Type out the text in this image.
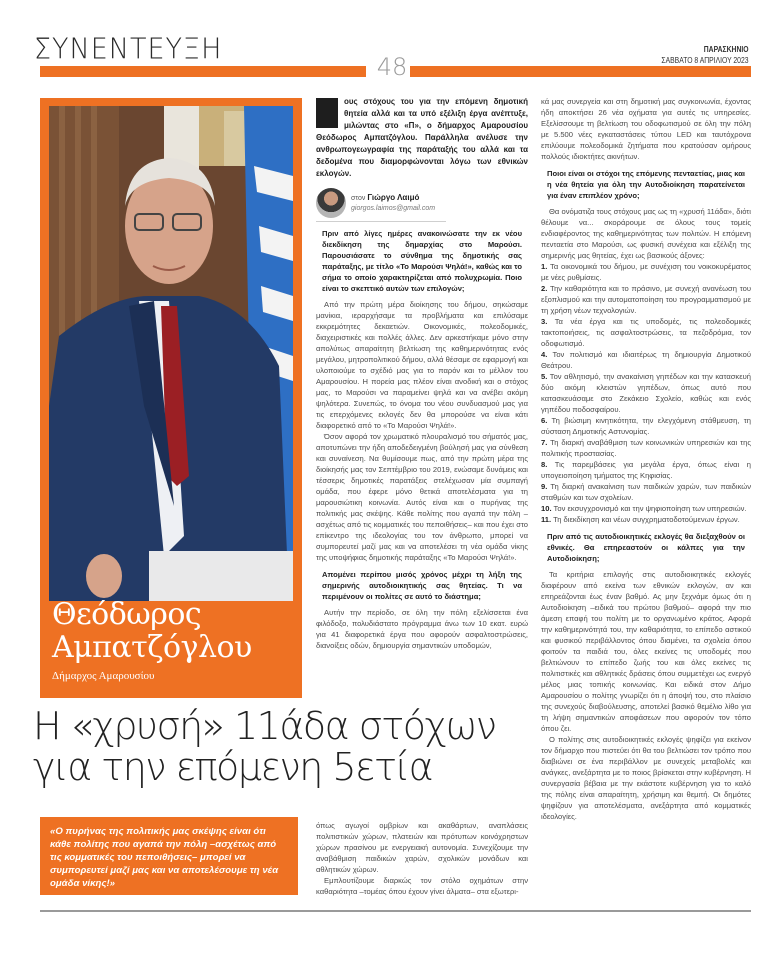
ΣΥΝΕΝΤΕΥΞΗ	ΠΑΡΑΣΚΗΝΙΟ
ΣΑΒΒΑΤΟ 8 ΑΠΡΙΛΙΟΥ 2023
48
Θεόδωρος
Αμπατζόγλου
Δήμαρχος Αμαρουσίου
Η «χρυσή» 11άδα στόχων
για την επόμενη 5ετία

«Ο πυρήνας της πολιτικής μας σκέψης είναι ότι κάθε πολίτης που αγαπά την πόλη –ασχέτως από τις κομματικές του πεποιθήσεις– μπορεί να συμπορευτεί μαζί μας και να αποτελέσουμε τη νέα ομάδα νίκης!»

ους στόχους του για την επόμενη δημοτική θητεία αλλά και τα υπό εξέλιξη έργα ανέπτυξε, μιλώντας στο «Π», ο δήμαρχος Αμαρουσίου Θεόδωρος Αμπατζόγλου. Παράλληλα ανέλυσε την ανθρωπογεωγραφία της παράταξής του αλλά και τα δεδομένα που διαμορφώνονται λόγω των εθνικών εκλογών.
στον Γιώργο Λαιμό
giorgos.laimos@gmail.com

Πριν από λίγες ημέρες ανακοινώσατε την εκ νέου διεκδίκηση της δημαρχίας στο Μαρούσι. Παρουσιάσατε το σύνθημα της δημοτικής σας παράταξης, με τίτλο «Το Μαρούσι Ψηλά!», καθώς και το σήμα το οποίο χαρακτηρίζεται από πολυχρωμία. Ποιο είναι το σκεπτικό αυτών των επιλογών;

Από την πρώτη μέρα διοίκησης του δήμου, σηκώσαμε μανίκια, ιεραρχήσαμε τα προβλήματα και επιλύσαμε εκκρεμότητες δεκαετιών. Οικονομικές, πολεοδομικές, διαχειριστικές και πολλές άλλες. Δεν αρκεστήκαμε μόνο στην απολύτως απαραίτητη βελτίωση της καθημερινότητας ενός μεγάλου, μητροπολιτικού δήμου, αλλά θέσαμε σε εφαρμογή και υλοποιούμε το σχέδιό μας για το παρόν και το μέλλον του Αμαρουσίου. Η πορεία μας πλέον είναι ανοδική και ο στόχος μας, το Μαρούσι να παραμείνει ψηλά και να ανέβει ακόμη ψηλότερα. Συνεπώς, το όνομα του νέου συνδυασμού μας για τις επερχόμενες εκλογές δεν θα μπορούσε να είναι κάτι διαφορετικό από το «Το Μαρούσι Ψηλά!».

Όσον αφορά τον χρωματικό πλουραλισμό του σήματός μας, αποτυπώνει την ήδη αποδεδειγμένη βούλησή μας για σύνθεση και συναίνεση. Να θυμίσουμε πως, από την πρώτη μέρα της διοίκησής μας τον Σεπτέμβριο του 2019, ενώσαμε δυνάμεις και τέσσερις δημοτικές παρατάξεις στελέχωσαν μία συμπαγή ομάδα, που έφερε μόνο θετικά αποτελέσματα για τη μαρουσιώτικη κοινωνία. Αυτός είναι και ο πυρήνας της πολιτικής μας σκέψης. Κάθε πολίτης που αγαπά την πόλη –ασχέτως από τις κομματικές του πεποιθήσεις– και που έχει στο επίκεντρο της ιδεολογίας του τον άνθρωπο, μπορεί να συμπορευτεί μαζί μας και να αποτελέσει τη νέα ομάδα νίκης της υποψήφιας δημοτικής παράταξης «Το Μαρούσι Ψηλά!».

Απομένει περίπου μισός χρόνος μέχρι τη λήξη της σημερινής αυτοδιοικητικής σας θητείας. Τι να περιμένουν οι πολίτες σε αυτό το διάστημα;

Αυτήν την περίοδο, σε όλη την πόλη εξελίσσεται ένα φιλόδοξο, πολυδιάστατο πρόγραμμα άνω των 10 εκατ. ευρώ για 41 διαφορετικά έργα που αφορούν ασφαλτοστρώσεις, διανοίξεις οδών, δημιουργία σημαντικών υποδομών,

όπως αγωγοί ομβρίων και ακαθάρτων, αναπλάσεις πολιτιστικών χώρων, πλατειών και πρότυπων κοινόχρηστων χώρων πρασίνου με ενεργειακή αυτονομία. Συνεχίζουμε την αναβάθμιση παιδικών χαρών, σχολικών μονάδων και αθλητικών χώρων.

Εμπλουτίζουμε διαρκώς τον στόλο οχημάτων στην καθαριότητα –τομέας όπου έχουν γίνει άλματα– στα εξωτερι-

κά μας συνεργεία και στη δημοτική μας συγκοινωνία, έχοντας ήδη αποκτήσει 26 νέα οχήματα για αυτές τις υπηρεσίες. Εξελίσσουμε τη βελτίωση του οδοφωτισμού σε όλη την πόλη με 5.500 νέες εγκαταστάσεις τύπου LED και ταυτόχρονα επιλύουμε πολεοδομικά ζητήματα που κρατούσαν ομήρους πολλούς ιδιοκτήτες ακινήτων.

Ποιοι είναι οι στόχοι της επόμενης πενταετίας, μιας και η νέα θητεία για όλη την Αυτοδιοίκηση παρατείνεται για έναν επιπλέον χρόνο;

Θα ονόματιζα τους στόχους μας ως τη «χρυσή 11άδα», διότι θέλουμε να... σκοράρουμε σε όλους τους τομείς ενδιαφέροντος της καθημερινότητας των πολιτών. Η επόμενη πενταετία στο Μαρούσι, ως φυσική συνέχεια και εξέλιξη της σημερινής μας θητείας, έχει ως βασικούς άξονες:

1. Τα οικονομικά του δήμου, με συνέχιση του νοικοκυρέματος με νέες ρυθμίσεις.

2. Την καθαριότητα και το πράσινο, με συνεχή ανανέωση του εξοπλισμού και την αυτοματοποίηση του προγραμματισμού με τη χρήση νέων τεχνολογιών.

3. Τα νέα έργα και τις υποδομές, τις πολεοδομικές τακτοποιήσεις, τις ασφαλτοστρώσεις, τα πεζοδρόμια, τον οδοφωτισμό.

4. Τον πολιτισμό και ιδιαιτέρως τη δημιουργία Δημοτικού Θεάτρου.

5. Τον αθλητισμό, την ανακαίνιση γηπέδων και την κατασκευή δύο ακόμη κλειστών γηπέδων, όπως αυτό που κατασκευάσαμε στο Ζεκάκειο Σχολείο, καθώς και ενός γηπέδου ποδοσφαίρου.

6. Τη βιώσιμη κινητικότητα, την ελεγχόμενη στάθμευση, τη σύσταση Δημοτικής Αστυνομίας.

7. Τη διαρκή αναβάθμιση των κοινωνικών υπηρεσιών και της πολιτικής προστασίας.

8. Τις παρεμβάσεις για μεγάλα έργα, όπως είναι η υπογειοποίηση τμήματος της Κηφισίας.

9. Τη διαρκή ανακαίνιση των παιδικών χαρών, των παιδικών σταθμών και των σχολείων.

10. Τον εκσυγχρονισμό και την ψηφιοποίηση των υπηρεσιών.

11. Τη διεκδίκηση και νέων συγχρηματοδοτούμενων έργων.

Πριν από τις αυτοδιοικητικές εκλογές θα διεξαχθούν οι εθνικές. Θα επηρεαστούν οι κάλπες για την Αυτοδιοίκηση;

Τα κριτήρια επιλογής στις αυτοδιοικητικές εκλογές διαφέρουν από εκείνα των εθνικών εκλογών, αν και επηρεάζονται έως έναν βαθμό. Ας μην ξεχνάμε όμως ότι η Αυτοδιοίκηση –ειδικά του πρώτου βαθμού– αφορά την πιο άμεση επαφή του πολίτη με το οργανωμένο κράτος. Αφορά την καθημερινότητά του, την καθαριότητα, το επίπεδο αστικού και φυσικού περιβάλλοντος όπου διαμένει, τα σχολεία όπου φοιτούν τα παιδιά του, όλες εκείνες τις υποδομές που βελτιώνουν το επίπεδο ζωής του και όλες εκείνες τις πολιτιστικές και αθλητικές δράσεις όπου συμμετέχει ως ενεργό μέλος μιας τοπικής κοινωνίας. Και ειδικά στον Δήμο Αμαρουσίου ο πολίτης γνωρίζει ότι η άποψή του, στο πλαίσιο της συνεχούς διαβούλευσης, αποτελεί βασικό θεμέλιο λίθο για τη λήψη σημαντικών αποφάσεων που αφορούν τον τόπο όπου ζει.

Ο πολίτης στις αυτοδιοικητικές εκλογές ψηφίζει για εκείνον τον δήμαρχο που πιστεύει ότι θα του βελτιώσει τον τρόπο που διαβιώνει σε ένα περιβάλλον με συνεχείς μεταβολές και ανάγκες, ανεξάρτητα με το ποιος βρίσκεται στην κυβέρνηση. Η συνεργασία βέβαια με την εκάστοτε κυβέρνηση για το καλό της πόλης είναι απαραίτητη, χρήσιμη και θεμιτή. Οι δημότες ψηφίζουν για αποτελέσματα, ανεξάρτητα από κομματικές ιδεολογίες.
